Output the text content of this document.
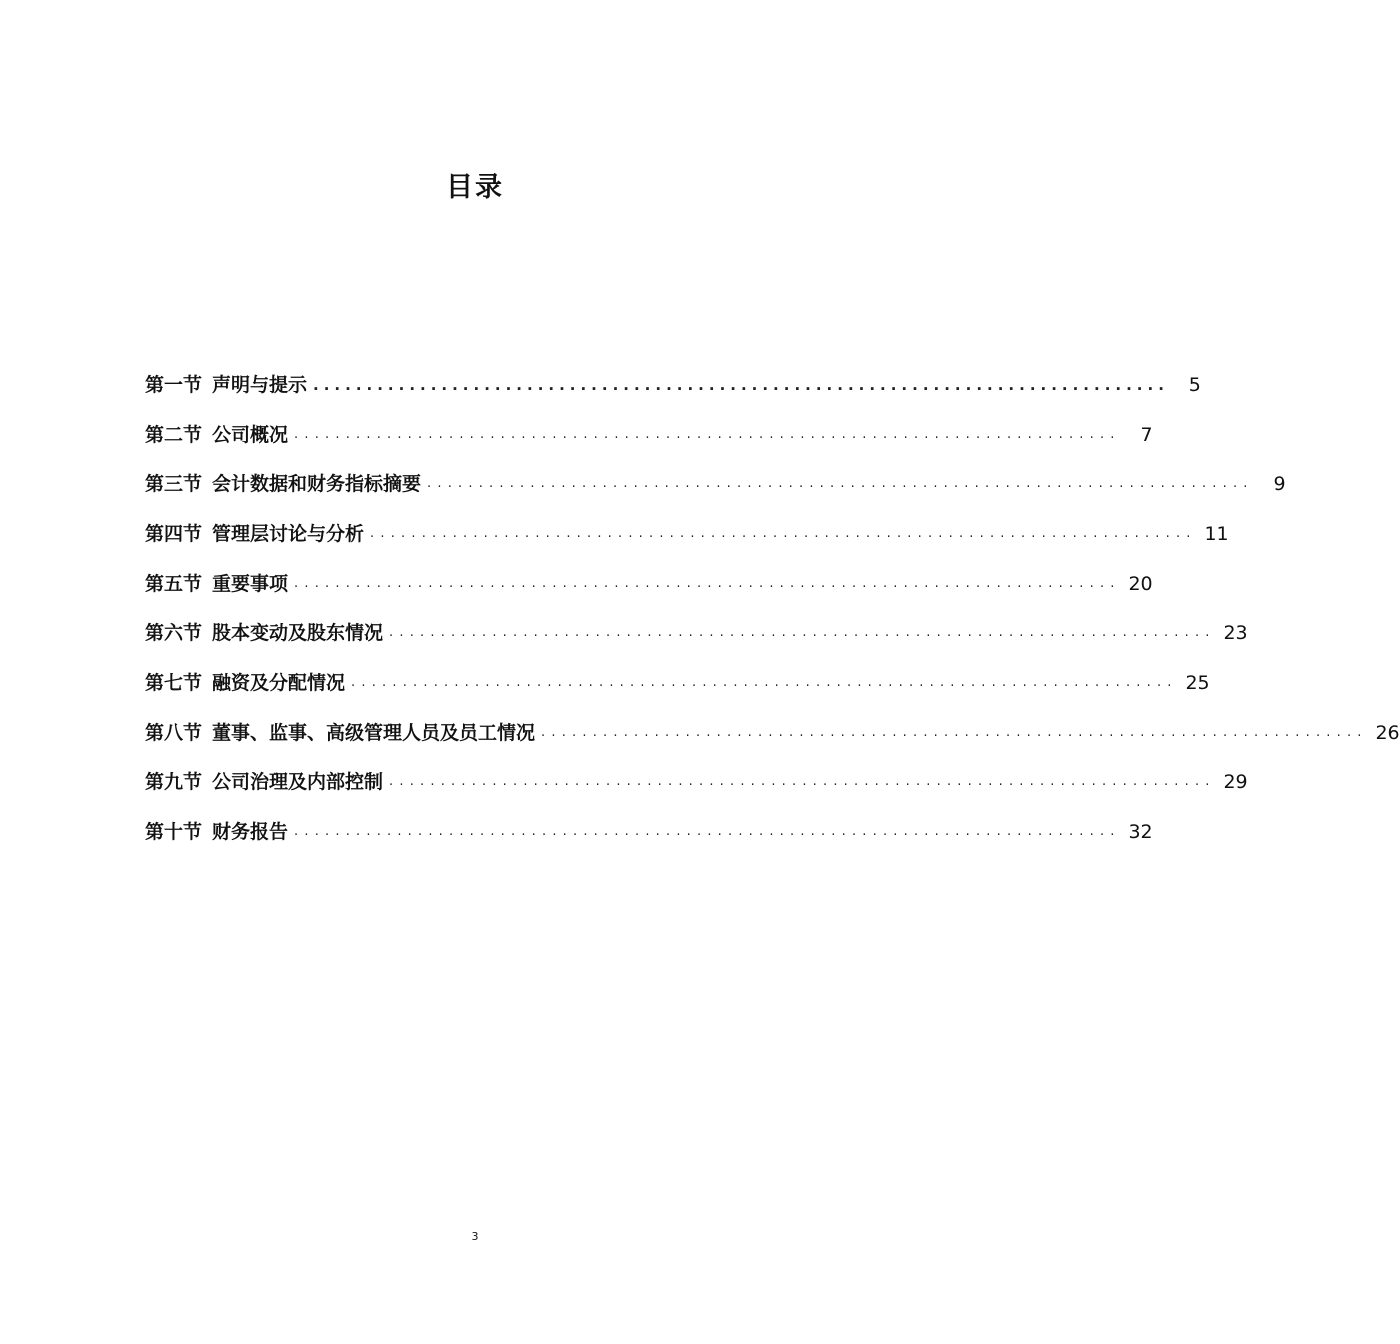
目录
第一节 声明与提示 ................................................................................	5
第二节 公司概况 ................................................................................	7
第三节 会计数据和财务指标摘要 ................................................................................	9
第四节 管理层讨论与分析 ................................................................................ 11
第五节 重要事项 ................................................................................ 20
第六节 股本变动及股东情况 ................................................................................ 23
第七节 融资及分配情况 ................................................................................ 25
第八节 董事、监事、高级管理人员及员工情况 ................................................................................ 26
第九节 公司治理及内部控制 ................................................................................ 29
第十节 财务报告 ................................................................................ 32
3
